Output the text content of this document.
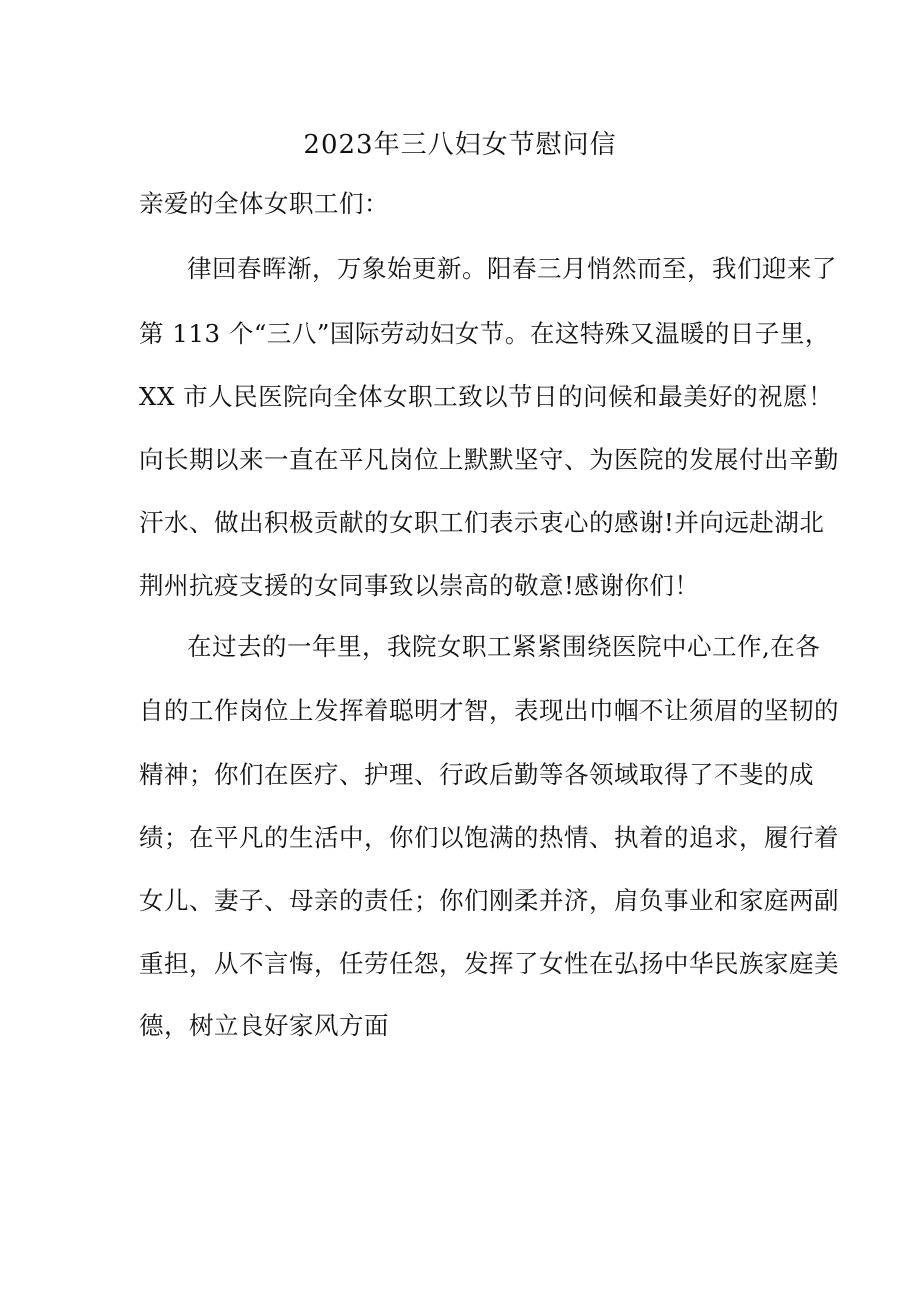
2023年三八妇女节慰问信
亲爱的全体女职工们：
律回春晖渐，万象始更新。阳春三月悄然而至，我们迎来了
第 113 个“三八”国际劳动妇女节。在这特殊又温暖的日子里，
XX 市人民医院向全体女职工致以节日的问候和最美好的祝愿！
向长期以来一直在平凡岗位上默默坚守、为医院的发展付出辛勤
汗水、做出积极贡献的女职工们表示衷心的感谢!并向远赴湖北
荆州抗疫支援的女同事致以崇高的敬意!感谢你们！
在过去的一年里，我院女职工紧紧围绕医院中心工作,在各
自的工作岗位上发挥着聪明才智，表现出巾帼不让须眉的坚韧的
精神；你们在医疗、护理、行政后勤等各领域取得了不斐的成
绩；在平凡的生活中，你们以饱满的热情、执着的追求，履行着
女儿、妻子、母亲的责任；你们刚柔并济，肩负事业和家庭两副
重担，从不言悔，任劳任怨，发挥了女性在弘扬中华民族家庭美
德，树立良好家风方面
